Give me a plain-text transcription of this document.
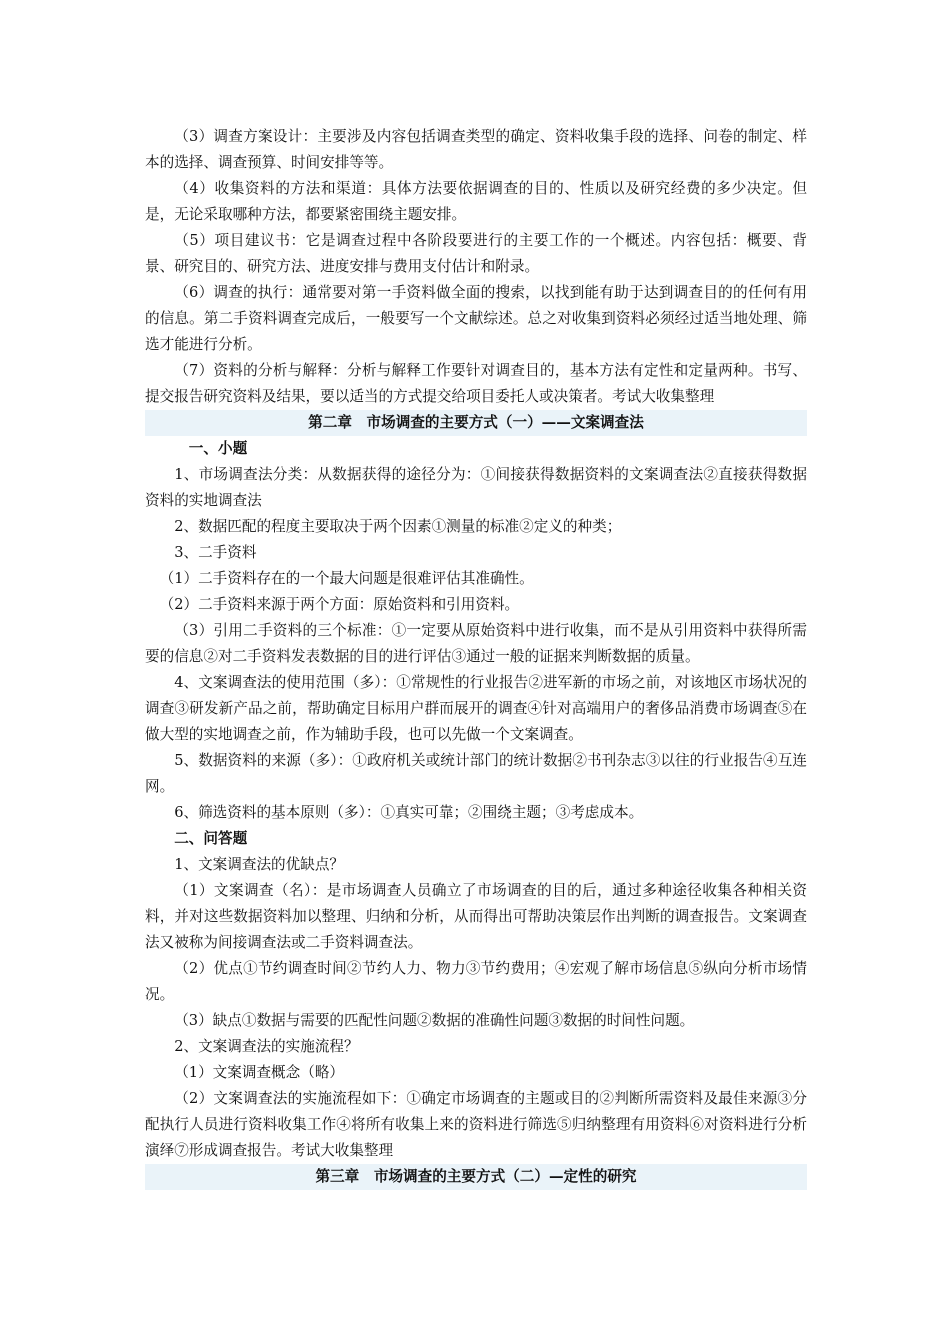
（3）调查方案设计：主要涉及内容包括调查类型的确定、资料收集手段的选择、问卷的制定、样本的选择、调查预算、时间安排等等。

（4）收集资料的方法和渠道：具体方法要依据调查的目的、性质以及研究经费的多少决定。但是，无论采取哪种方法，都要紧密围绕主题安排。

（5）项目建议书：它是调查过程中各阶段要进行的主要工作的一个概述。内容包括：概要、背景、研究目的、研究方法、进度安排与费用支付估计和附录。

（6）调查的执行：通常要对第一手资料做全面的搜索，以找到能有助于达到调查目的的任何有用的信息。第二手资料调查完成后，一般要写一个文献综述。总之对收集到资料必须经过适当地处理、筛选才能进行分析。

（7）资料的分析与解释：分析与解释工作要针对调查目的，基本方法有定性和定量两种。书写、提交报告研究资料及结果，要以适当的方式提交给项目委托人或决策者。考试大收集整理

第二章　市场调查的主要方式（一）——文案调查法

一、小题

1、市场调查法分类：从数据获得的途径分为：①间接获得数据资料的文案调查法②直接获得数据资料的实地调查法

2、数据匹配的程度主要取决于两个因素①测量的标准②定义的种类；

3、二手资料

（1）二手资料存在的一个最大问题是很难评估其准确性。

（2）二手资料来源于两个方面：原始资料和引用资料。

（3）引用二手资料的三个标准：①一定要从原始资料中进行收集，而不是从引用资料中获得所需要的信息②对二手资料发表数据的目的进行评估③通过一般的证据来判断数据的质量。

4、文案调查法的使用范围（多）：①常规性的行业报告②进军新的市场之前，对该地区市场状况的调查③研发新产品之前，帮助确定目标用户群而展开的调查④针对高端用户的奢侈品消费市场调查⑤在做大型的实地调查之前，作为辅助手段，也可以先做一个文案调查。

5、数据资料的来源（多）：①政府机关或统计部门的统计数据②书刊杂志③以往的行业报告④互连网。

6、筛选资料的基本原则（多）：①真实可靠；②围绕主题；③考虑成本。

二、问答题

1、文案调查法的优缺点？

（1）文案调查（名）：是市场调查人员确立了市场调查的目的后，通过多种途径收集各种相关资料，并对这些数据资料加以整理、归纳和分析，从而得出可帮助决策层作出判断的调查报告。文案调查法又被称为间接调查法或二手资料调查法。

（2）优点①节约调查时间②节约人力、物力③节约费用；④宏观了解市场信息⑤纵向分析市场情况。

（3）缺点①数据与需要的匹配性问题②数据的准确性问题③数据的时间性问题。

2、文案调查法的实施流程？

（1）文案调查概念（略）

（2）文案调查法的实施流程如下：①确定市场调查的主题或目的②判断所需资料及最佳来源③分配执行人员进行资料收集工作④将所有收集上来的资料进行筛选⑤归纳整理有用资料⑥对资料进行分析演绎⑦形成调查报告。考试大收集整理

第三章　市场调查的主要方式（二）—定性的研究
